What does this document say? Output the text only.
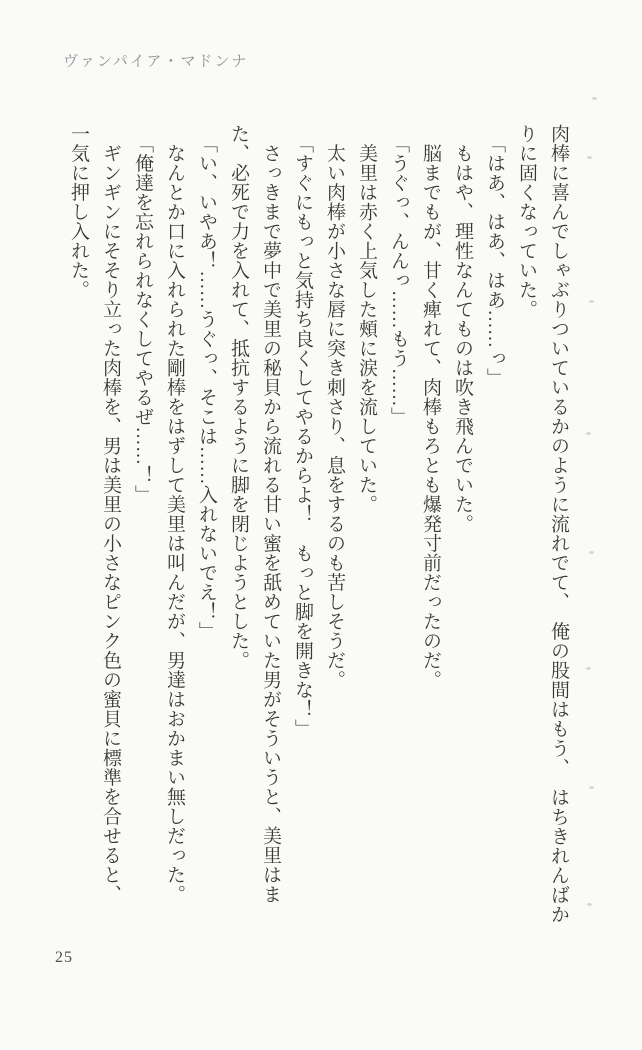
ヴァンパイア・マドンナ

肉棒に喜んでしゃぶりついているかのように流れでて、　俺の股間はもう、　はちきれんばか

りに固くなっていた。

　「はあ、はあ、はあ……っ」

　もはや、理性なんてものは吹き飛んでいた。

　脳までもが、甘く痺れて、肉棒もろとも爆発寸前だったのだ。

　「うぐっ、んんっ……もう……」

　美里は赤く上気した頰に涙を流していた。

　太い肉棒が小さな唇に突き刺さり、息をするのも苦しそうだ。

　「すぐにもっと気持ち良くしてやるからよ！　もっと脚を開きな！」

　さっきまで夢中で美里の秘貝から流れる甘い蜜を舐めていた男がそういうと、美里はま

た、必死で力を入れて、抵抗するように脚を閉じようとした。

　「い、いやあ！……うぐっ、そこは……入れないでえ！」

　なんとか口に入れられた剛棒をはずして美里は叫んだが、男達はおかまい無しだった。

　「俺達を忘れられなくしてやるぜ……！」

　ギンギンにそそり立った肉棒を、男は美里の小さなピンク色の蜜貝に標準を合せると、

一気に押し入れた。

25
